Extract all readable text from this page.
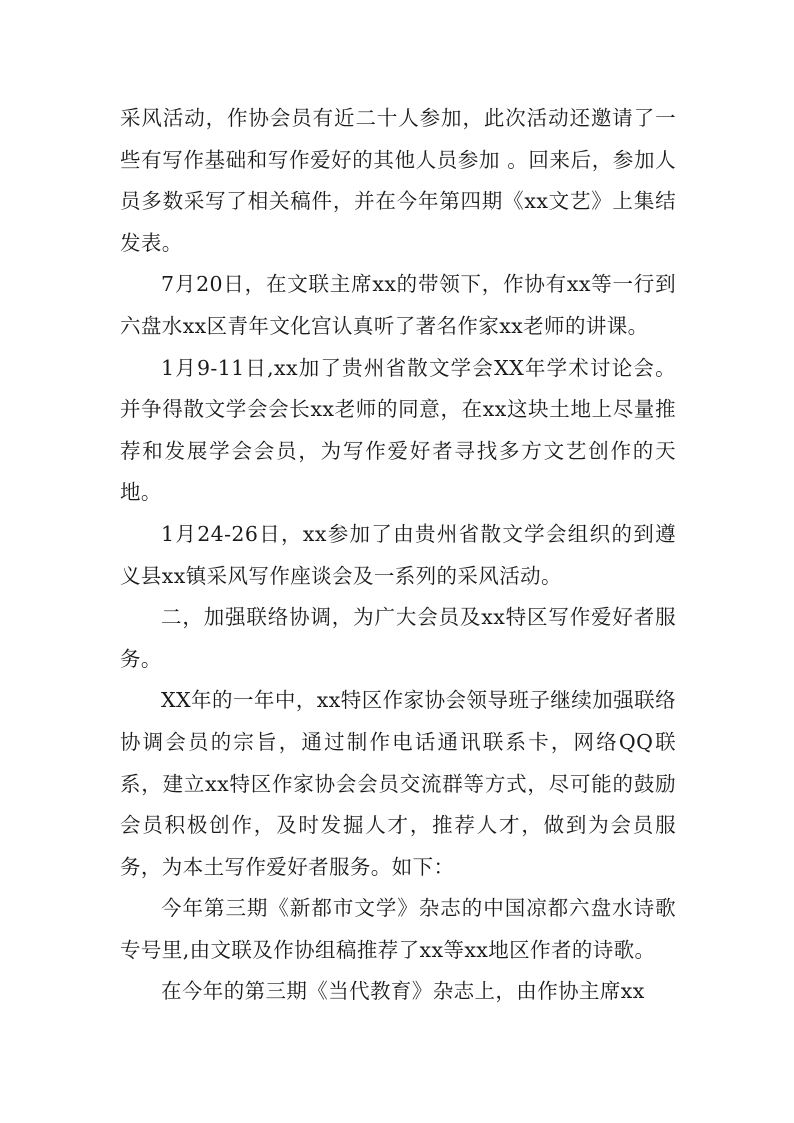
采风活动，作协会员有近二十人参加，此次活动还邀请了一些有写作基础和写作爱好的其他人员参加 。回来后，参加人员多数采写了相关稿件，并在今年第四期《xx文艺》上集结发表。

7月20日，在文联主席xx的带领下，作协有xx等一行到六盘水xx区青年文化宫认真听了著名作家xx老师的讲课。

1月9-11日,xx加了贵州省散文学会XX年学术讨论会。并争得散文学会会长xx老师的同意，在xx这块土地上尽量推荐和发展学会会员，为写作爱好者寻找多方文艺创作的天地。

1月24-26日，xx参加了由贵州省散文学会组织的到遵义县xx镇采风写作座谈会及一系列的采风活动。

二，加强联络协调，为广大会员及xx特区写作爱好者服务。

XX年的一年中，xx特区作家协会领导班子继续加强联络协调会员的宗旨，通过制作电话通讯联系卡，网络QQ联系，建立xx特区作家协会会员交流群等方式，尽可能的鼓励会员积极创作，及时发掘人才，推荐人才，做到为会员服务，为本土写作爱好者服务。如下：

今年第三期《新都市文学》杂志的中国凉都六盘水诗歌专号里,由文联及作协组稿推荐了xx等xx地区作者的诗歌。

在今年的第三期《当代教育》杂志上，由作协主席xx
